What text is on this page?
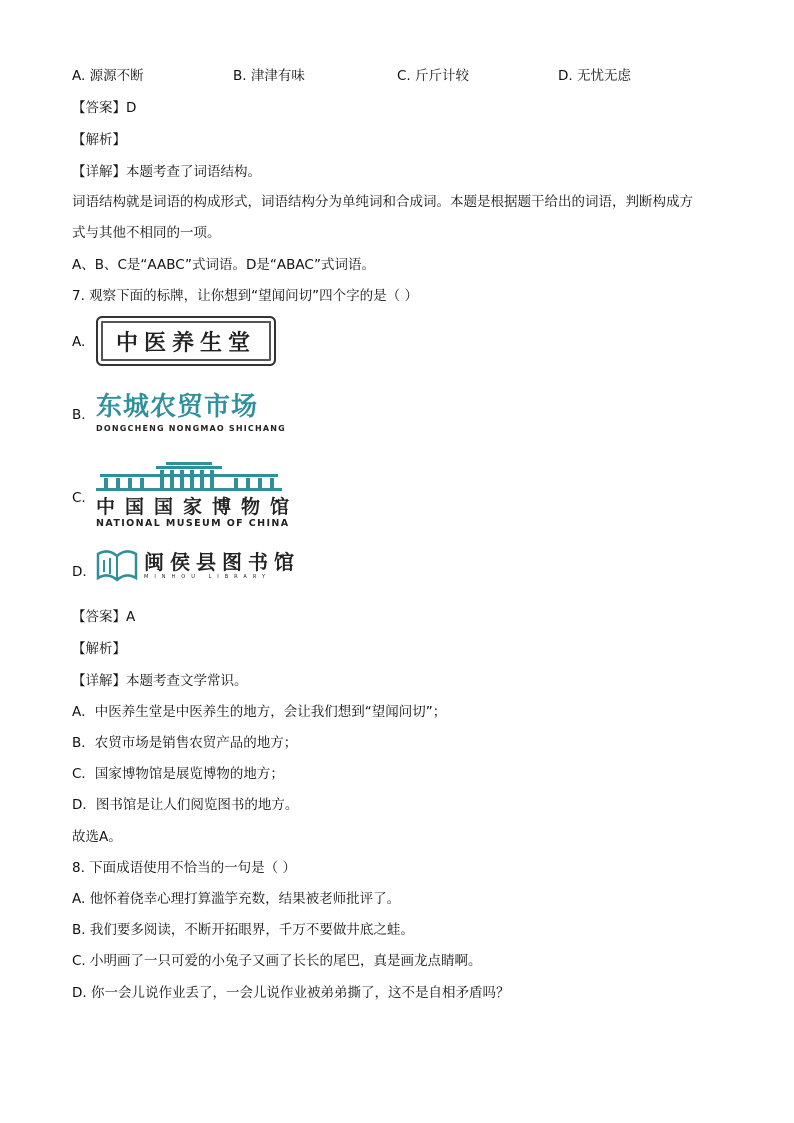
A. 源源不断	B. 津津有味	C. 斤斤计较	D. 无忧无虑
【答案】D
【解析】
【详解】本题考查了词语结构。
词语结构就是词语的构成形式，词语结构分为单纯词和合成词。本题是根据题干给出的词语，判断构成方
式与其他不相同的一项。
A、B、C是“AABC”式词语。D是“ABAC”式词语。
7. 观察下面的标牌，让你想到“望闻问切”四个字的是（ ）
A. 中医养生堂
B. 东城农贸市场
DONGCHENG NONGMAO SHICHANG
C. 中国国家博物馆
NATIONAL MUSEUM OF CHINA
D.	闽侯县图书馆
MINHOU LIBRARY
【答案】A
【解析】
【详解】本题考查文学常识。
A．中医养生堂是中医养生的地方，会让我们想到“望闻问切”；
B．农贸市场是销售农贸产品的地方；
C．国家博物馆是展览博物的地方；
D．图书馆是让人们阅览图书的地方。
故选A。
8. 下面成语使用不恰当的一句是（ ）
A. 他怀着侥幸心理打算滥竽充数，结果被老师批评了。
B. 我们要多阅读，不断开拓眼界，千万不要做井底之蛙。
C. 小明画了一只可爱的小兔子又画了长长的尾巴，真是画龙点睛啊。
D. 你一会儿说作业丢了，一会儿说作业被弟弟撕了，这不是自相矛盾吗？
